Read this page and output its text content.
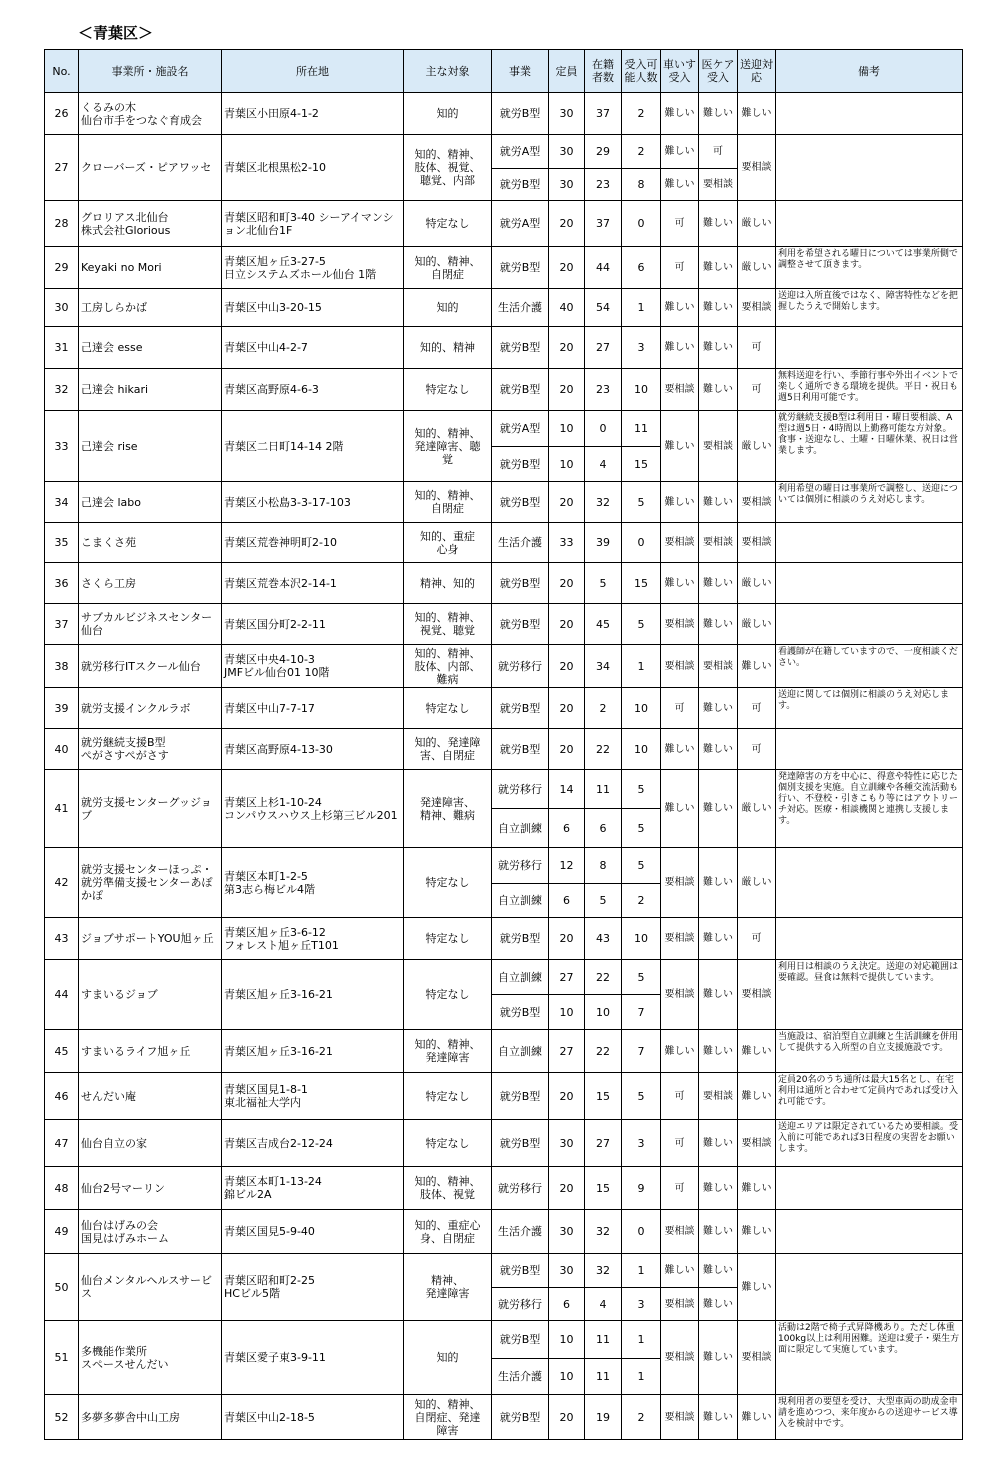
＜青葉区＞
No.	事業所・施設名	所在地	主な対象	事業	定員	在籍者数	受入可能人数	車いす受入	医ケア受入	送迎対応	備考
26	くるみの木
仙台市手をつなぐ育成会	青葉区小田原4-1-2	知的	就労B型	30	37	2	難しい	難しい	難しい	
27	クローバーズ・ピアワッセ	青葉区北根黒松2-10	知的、精神、
肢体、視覚、
聴覚、内部	就労A型	30	29	2	難しい	可	要相談	
				就労B型	30	23	8	難しい	要相談		
28	グロリアス北仙台
株式会社Glorious	青葉区昭和町3-40 シーアイマンション北仙台1F	特定なし	就労A型	20	37	0	可	難しい	厳しい	
29	Keyaki no Mori	青葉区旭ヶ丘3-27-5
日立システムズホール仙台 1階	知的、精神、
自閉症	就労B型	20	44	6	可	難しい	厳しい	利用を希望される曜日については事業所側で調整させて頂きます。
30	工房しらかば	青葉区中山3-20-15	知的	生活介護	40	54	1	難しい	難しい	要相談	送迎は入所直後ではなく、障害特性などを把握したうえで開始します。
31	己達会 esse	青葉区中山4-2-7	知的、精神	就労B型	20	27	3	難しい	難しい	可	
32	己達会 hikari	青葉区高野原4-6-3	特定なし	就労B型	20	23	10	要相談	難しい	可	無料送迎を行い、季節行事や外出イベントで楽しく通所できる環境を提供。平日・祝日も週5日利用可能です。
33	己達会 rise	青葉区二日町14-14 2階	知的、精神、
発達障害、聴
覚	就労A型	10	0	11	難しい	要相談	厳しい	就労継続支援B型は利用日・曜日要相談、A型は週5日・4時間以上勤務可能な方対象。食事・送迎なし、土曜・日曜休業、祝日は営業します。
				就労B型	10	4	15				
34	己達会 labo	青葉区小松島3-3-17-103	知的、精神、
自閉症	就労B型	20	32	5	難しい	難しい	要相談	利用希望の曜日は事業所で調整し、送迎については個別に相談のうえ対応します。
35	こまくさ苑	青葉区荒巻神明町2-10	知的、重症
心身	生活介護	33	39	0	要相談	要相談	要相談	
36	さくら工房	青葉区荒巻本沢2-14-1	精神、知的	就労B型	20	5	15	難しい	難しい	厳しい	
37	サブカルビジネスセンター仙台	青葉区国分町2-2-11	知的、精神、
視覚、聴覚	就労B型	20	45	5	要相談	難しい	厳しい	
38	就労移行ITスクール仙台	青葉区中央4-10-3
JMFビル仙台01 10階	知的、精神、
肢体、内部、
難病	就労移行	20	34	1	要相談	要相談	難しい	看護師が在籍していますので、一度相談ください。
39	就労支援インクルラボ	青葉区中山7-7-17	特定なし	就労B型	20	2	10	可	難しい	可	送迎に関しては個別に相談のうえ対応します。
40	就労継続支援B型
ぺがさすぺがさす	青葉区高野原4-13-30	知的、発達障
害、自閉症	就労B型	20	22	10	難しい	難しい	可	
41	就労支援センターグッジョブ	青葉区上杉1-10-24
コンパウスハウス上杉第三ビル201	発達障害、
精神、難病	就労移行	14	11	5	難しい	難しい	厳しい	発達障害の方を中心に、得意や特性に応じた個別支援を実施。自立訓練や各種交流活動も行い、不登校・引きこもり等にはアウトリーチ対応。医療・相談機関と連携し支援します。
				自立訓練	6	6	5				
42	就労支援センターほっぷ・就労準備支援センターあぽかぽ	青葉区本町1-2-5
第3志ら梅ビル4階	特定なし	就労移行	12	8	5	要相談	難しい	厳しい	
				自立訓練	6	5	2				
43	ジョブサポートYOU旭ヶ丘	青葉区旭ヶ丘3-6-12
フォレスト旭ヶ丘T101	特定なし	就労B型	20	43	10	要相談	難しい	可	
44	すまいるジョブ	青葉区旭ヶ丘3-16-21	特定なし	自立訓練	27	22	5	要相談	難しい	要相談	利用日は相談のうえ決定。送迎の対応範囲は要確認。昼食は無料で提供しています。
				就労B型	10	10	7				
45	すまいるライフ旭ヶ丘	青葉区旭ヶ丘3-16-21	知的、精神、
発達障害	自立訓練	27	22	7	難しい	難しい	難しい	当施設は、宿泊型自立訓練と生活訓練を併用して提供する入所型の自立支援施設です。
46	せんだい庵	青葉区国見1-8-1
東北福祉大学内	特定なし	就労B型	20	15	5	可	要相談	難しい	定員20名のうち通所は最大15名とし、在宅利用は通所と合わせて定員内であれば受け入れ可能です。
47	仙台自立の家	青葉区吉成台2-12-24	特定なし	就労B型	30	27	3	可	難しい	要相談	送迎エリアは限定されているため要相談。受入前に可能であれば3日程度の実習をお願いします。
48	仙台2号マーリン	青葉区本町1-13-24
錦ビル2A	知的、精神、
肢体、視覚	就労移行	20	15	9	可	難しい	難しい	
49	仙台はげみの会
国見はげみホーム	青葉区国見5-9-40	知的、重症心
身、自閉症	生活介護	30	32	0	要相談	難しい	難しい	
50	仙台メンタルヘルスサービス	青葉区昭和町2-25
HCビル5階	精神、
発達障害	就労B型	30	32	1	難しい	難しい	難しい	
				就労移行	6	4	3	要相談	難しい		
51	多機能作業所
スペースせんだい	青葉区愛子東3-9-11	知的	就労B型	10	11	1	要相談	難しい	要相談	活動は2階で椅子式昇降機あり。ただし体重100kg以上は利用困難。送迎は愛子・栗生方面に限定して実施しています。
				生活介護	10	11	1				
52	多夢多夢舎中山工房	青葉区中山2-18-5	知的、精神、
自閉症、発達
障害	就労B型	20	19	2	要相談	難しい	難しい	現利用者の要望を受け、大型車両の助成金申請を進めつつ、来年度からの送迎サービス導入を検討中です。
